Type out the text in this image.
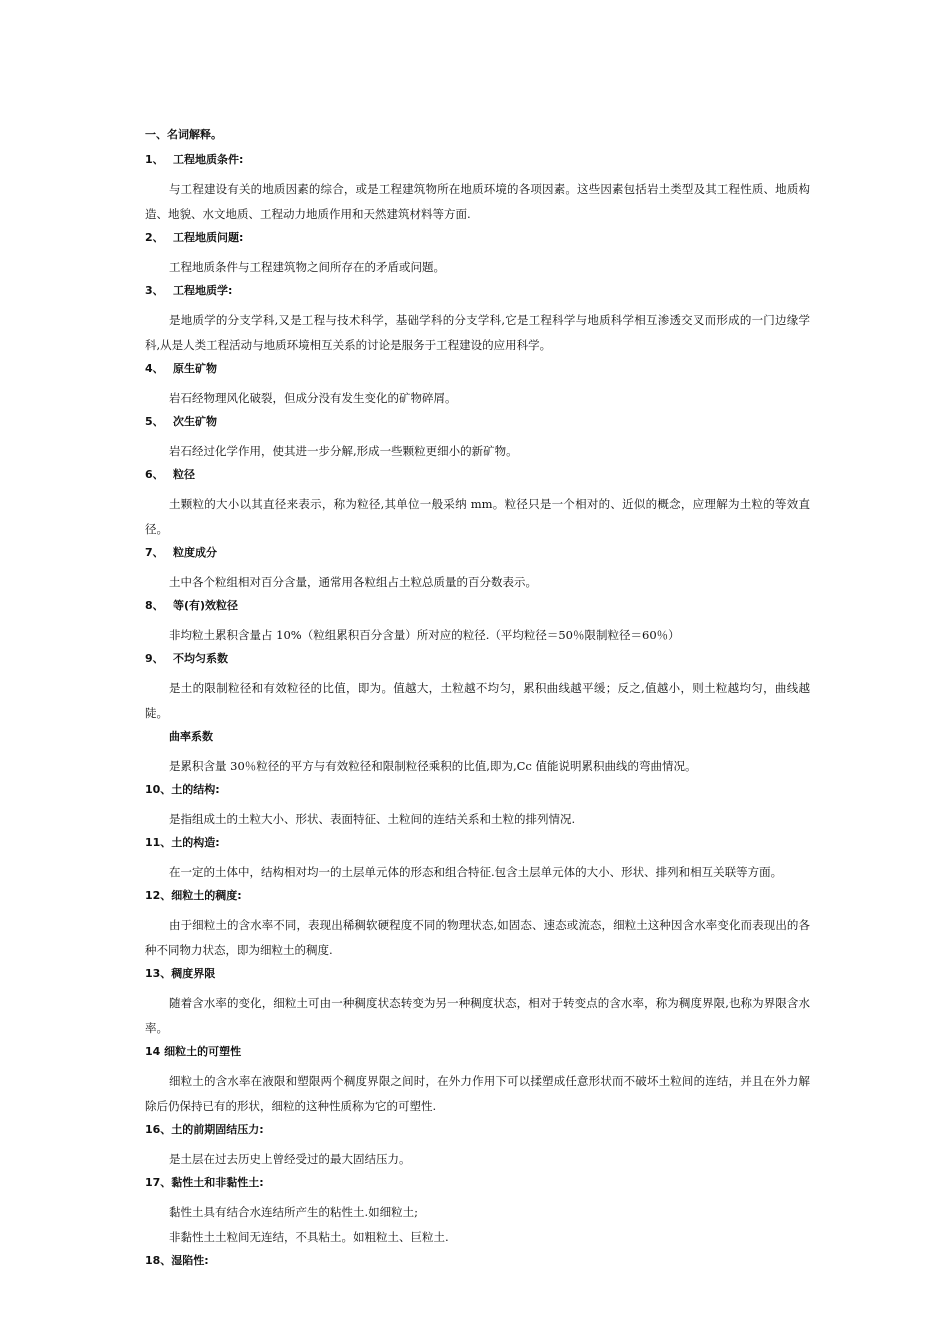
一、名词解释。
1、 工程地质条件:
与工程建设有关的地质因素的综合，或是工程建筑物所在地质环境的各项因素。这些因素包括岩土类型及其工程性质、地质构造、地貌、水文地质、工程动力地质作用和天然建筑材料等方面.
2、 工程地质问题:
工程地质条件与工程建筑物之间所存在的矛盾或问题。
3、 工程地质学:
是地质学的分支学科,又是工程与技术科学，基础学科的分支学科,它是工程科学与地质科学相互渗透交叉而形成的一门边缘学科,从是人类工程活动与地质环境相互关系的讨论是服务于工程建设的应用科学。
4、 原生矿物
岩石经物理风化破裂，但成分没有发生变化的矿物碎屑。
5、 次生矿物
岩石经过化学作用，使其进一步分解,形成一些颗粒更细小的新矿物。
6、 粒径
土颗粒的大小以其直径来表示，称为粒径,其单位一般采纳 mm。粒径只是一个相对的、近似的概念，应理解为土粒的等效直径。
7、 粒度成分
土中各个粒组相对百分含量，通常用各粒组占土粒总质量的百分数表示。
8、 等(有)效粒径
非均粒土累积含量占 10%（粒组累积百分含量）所对应的粒径.（平均粒径＝50％限制粒径＝60％）
9、 不均匀系数
是土的限制粒径和有效粒径的比值，即为。值越大，土粒越不均匀，累积曲线越平缓；反之,值越小，则土粒越均匀，曲线越陡。
曲率系数
是累积含量 30％粒径的平方与有效粒径和限制粒径乘积的比值,即为,Cc 值能说明累积曲线的弯曲情况。
10、土的结构:
是指组成土的土粒大小、形状、表面特征、土粒间的连结关系和土粒的排列情况.
11、土的构造:
在一定的土体中，结构相对均一的土层单元体的形态和组合特征.包含土层单元体的大小、形状、排列和相互关联等方面。
12、细粒土的稠度:
由于细粒土的含水率不同，表现出稀稠软硬程度不同的物理状态,如固态、速态或流态，细粒土这种因含水率变化而表现出的各种不同物力状态，即为细粒土的稠度.
13、稠度界限
随着含水率的变化，细粒土可由一种稠度状态转变为另一种稠度状态，相对于转变点的含水率，称为稠度界限,也称为界限含水率。
14 细粒土的可塑性
细粒土的含水率在液限和塑限两个稠度界限之间时，在外力作用下可以揉塑成任意形状而不破坏土粒间的连结，并且在外力解除后仍保持已有的形状，细粒的这种性质称为它的可塑性.
16、土的前期固结压力:
是土层在过去历史上曾经受过的最大固结压力。
17、黏性土和非黏性土:
黏性土具有结合水连结所产生的粘性土.如细粒土;
非黏性土土粒间无连结，不具粘土。如粗粒土、巨粒土.
18、湿陷性:
